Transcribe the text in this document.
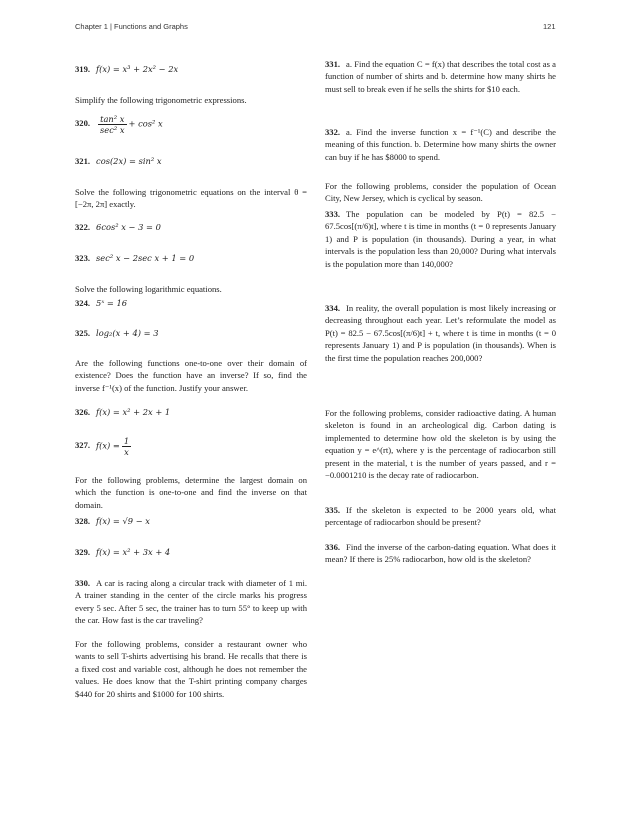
Chapter 1 | Functions and Graphs	121
319. f(x) = x³ + 2x² − 2x
Simplify the following trigonometric expressions.
320. $\frac{\text{tan² x}}{\text{sec² x}} + \cos^2$ x
321. cos(2x) = sin² x
Solve the following trigonometric equations on the interval θ = [−2π, 2π] exactly.
322. 6cos² x − 3 = 0
323. sec² x − 2sec x + 1 = 0
Solve the following logarithmic equations.
324. 5ˣ = 16
325. log₂(x + 4) = 3
Are the following functions one-to-one over their domain of existence? Does the function have an inverse? If so, find the inverse f⁻¹(x) of the function. Justify your answer.
326. f(x) = x² + 2x + 1
327. $f(x) = \frac{1}{x}$
For the following problems, determine the largest domain on which the function is one-to-one and find the inverse on that domain.
328. f(x) = √9 − x
329. f(x) = x² + 3x + 4
330. A car is racing along a circular track with diameter of 1 mi. A trainer standing in the center of the circle marks his progress every 5 sec. After 5 sec, the trainer has to turn 55° to keep up with the car. How fast is the car traveling?
For the following problems, consider a restaurant owner who wants to sell T-shirts advertising his brand. He recalls that there is a fixed cost and variable cost, although he does not remember the values. He does know that the T-shirt printing company charges $440 for 20 shirts and $1000 for 100 shirts.
331. a. Find the equation C = f(x) that describes the total cost as a function of number of shirts and b. determine how many shirts he must sell to break even if he sells the shirts for $10 each.
332. a. Find the inverse function x = f⁻¹(C) and describe the meaning of this function. b. Determine how many shirts the owner can buy if he has $8000 to spend.
For the following problems, consider the population of Ocean City, New Jersey, which is cyclical by season.
333. The population can be modeled by P(t) = 82.5 − 67.5cos[(π/6)t], where t is time in months (t = 0 represents January 1) and P is population (in thousands). During a year, in what intervals is the population less than 20,000? During what intervals is the population more than 140,000?
334. In reality, the overall population is most likely increasing or decreasing throughout each year. Let’s reformulate the model as P(t) = 82.5 − 67.5cos[(π/6)t] + t, where t is time in months (t = 0 represents January 1) and P is population (in thousands). When is the first time the population reaches 200,000?
For the following problems, consider radioactive dating. A human skeleton is found in an archeological dig. Carbon dating is implemented to determine how old the skeleton is by using the equation y = e^(rt), where y is the percentage of radiocarbon still present in the material, t is the number of years passed, and r = −0.0001210 is the decay rate of radiocarbon.
335. If the skeleton is expected to be 2000 years old, what percentage of radiocarbon should be present?
336. Find the inverse of the carbon-dating equation. What does it mean? If there is 25% radiocarbon, how old is the skeleton?
